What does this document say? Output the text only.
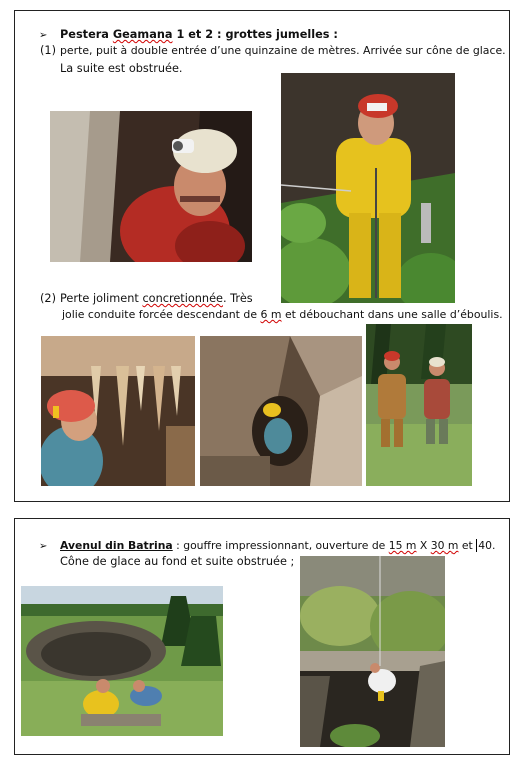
➢ Pestera Geamana 1 et 2 : grottes jumelles :
(1) perte, puit à double entrée d’une quinzaine de mètres. Arrivée sur cône de glace.
La suite est obstruée.
(2) Perte joliment concretionnée. Très
jolie conduite forcée descendant de 6 m et débouchant dans une salle d’éboulis.
➢ Avenul din Batrina : gouffre impressionnant, ouverture de 15 m X 30 m et 40.
Cône de glace au fond et suite obstruée ;
